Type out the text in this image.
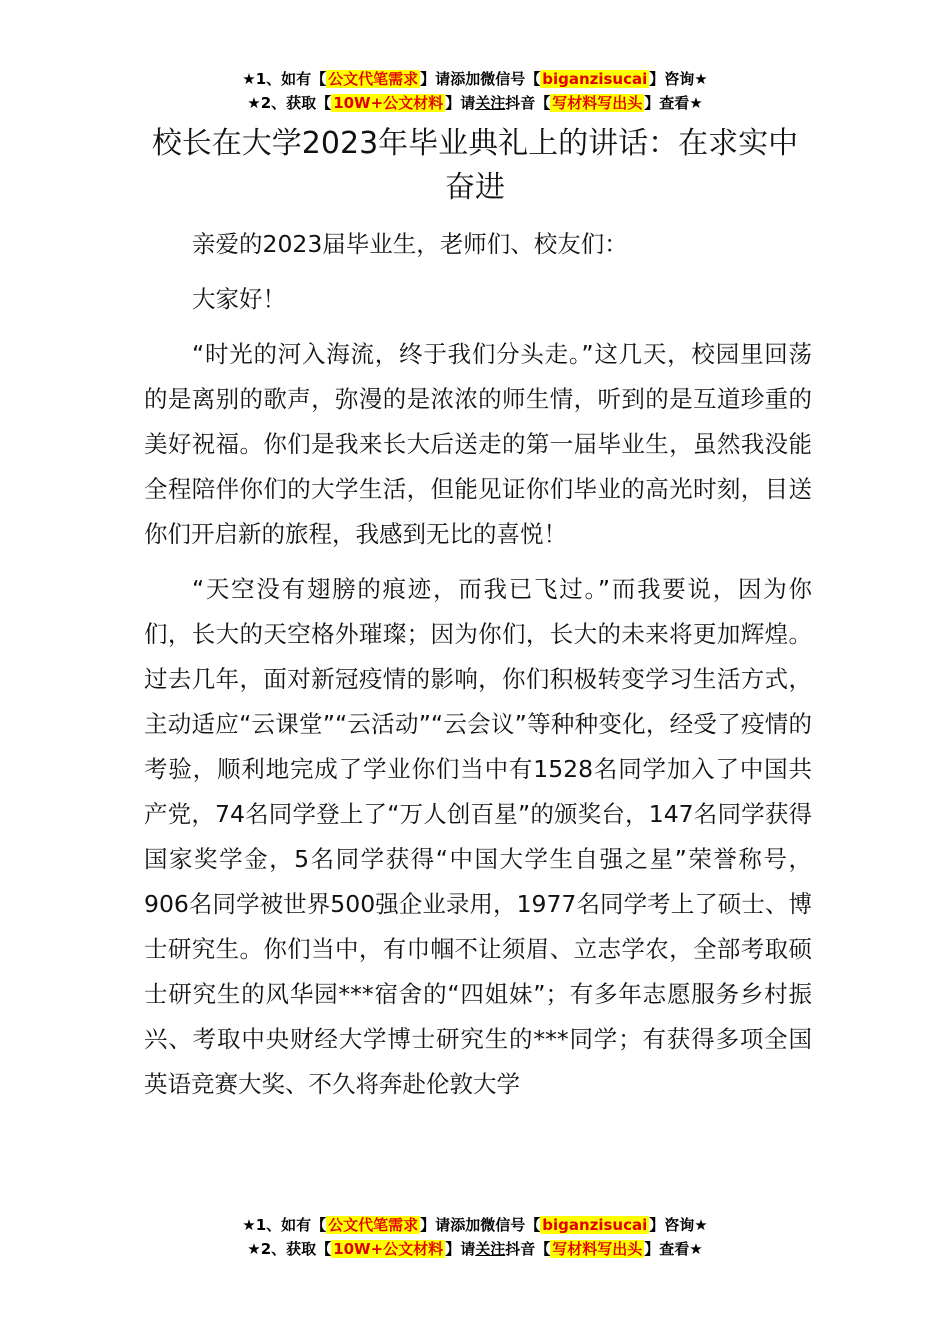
★1、如有【 公文代笔需求 】请添加微信号【 biganzisucai 】咨询★
★2、获取【 10W+公文材料 】请关注抖音【 写材料写出头 】查看★
校长在大学2023年毕业典礼上的讲话：在求实中奋进

亲爱的2023届毕业生，老师们、校友们：

大家好！

“时光的河入海流，终于我们分头走。”这几天，校园里回荡的是离别的歌声，弥漫的是浓浓的师生情，听到的是互道珍重的美好祝福。你们是我来长大后送走的第一届毕业生，虽然我没能全程陪伴你们的大学生活，但能见证你们毕业的高光时刻，目送你们开启新的旅程，我感到无比的喜悦！

“天空没有翅膀的痕迹，而我已飞过。”而我要说，因为你们，长大的天空格外璀璨；因为你们，长大的未来将更加辉煌。过去几年，面对新冠疫情的影响，你们积极转变学习生活方式，主动适应“云课堂”“云活动”“云会议”等种种变化，经受了疫情的考验，顺利地完成了学业你们当中有1528名同学加入了中国共产党，74名同学登上了“万人创百星”的颁奖台，147名同学获得国家奖学金，5名同学获得“中国大学生自强之星”荣誉称号，906名同学被世界500强企业录用，1977名同学考上了硕士、博士研究生。你们当中，有巾帼不让须眉、立志学农，全部考取硕士研究生的风华园***宿舍的“四姐妹”；有多年志愿服务乡村振兴、考取中央财经大学博士研究生的***同学；有获得多项全国英语竞赛大奖、不久将奔赴伦敦大学

★1、如有【 公文代笔需求 】请添加微信号【 biganzisucai 】咨询★
★2、获取【 10W+公文材料 】请关注抖音【 写材料写出头 】查看★
